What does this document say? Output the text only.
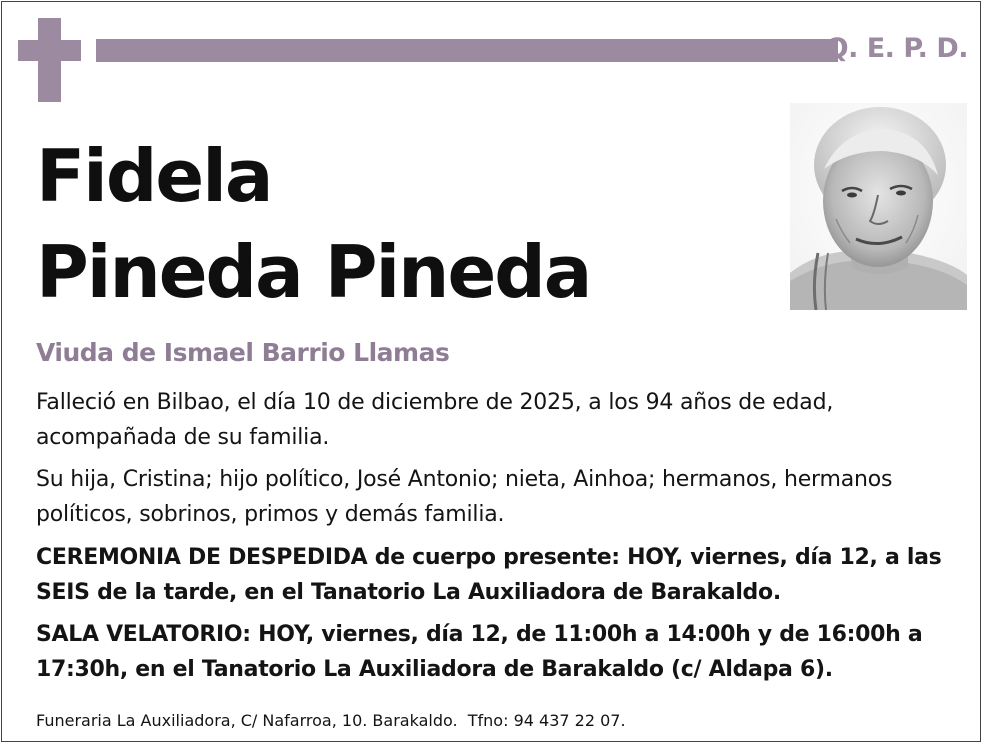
Q. E. P. D.
Fidela
Pineda Pineda
Viuda de Ismael Barrio Llamas
Falleció en Bilbao, el día 10 de diciembre de 2025, a los 94 años de edad, acompañada de su familia.
Su hija, Cristina; hijo político, José Antonio; nieta, Ainhoa; hermanos, hermanos políticos, sobrinos, primos y demás familia.
CEREMONIA DE DESPEDIDA de cuerpo presente: HOY, viernes, día 12, a las SEIS de la tarde, en el Tanatorio La Auxiliadora de Barakaldo.
SALA VELATORIO: HOY, viernes, día 12, de 11:00h a 14:00h y de 16:00h a 17:30h, en el Tanatorio La Auxiliadora de Barakaldo (c/ Aldapa 6).
Funeraria La Auxiliadora, C/ Nafarroa, 10. Barakaldo.  Tfno: 94 437 22 07.
